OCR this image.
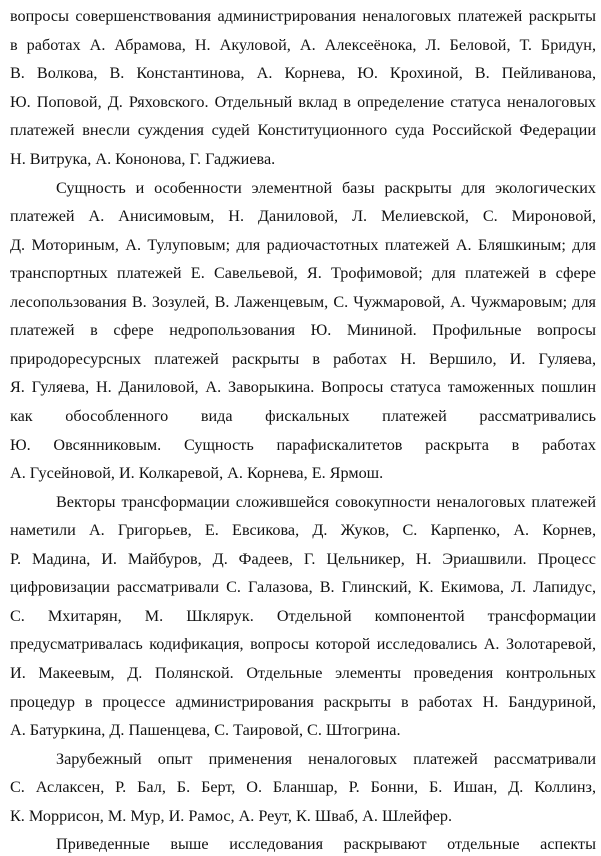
вопросы совершенствования администрирования неналоговых платежей раскрыты
в работах А. Абрамова, Н. Акуловой, А. Алексеёнока, Л. Беловой, Т. Бридун,
В. Волкова, В. Константинова, А. Корнева, Ю. Крохиной, В. Пейливанова,
Ю. Поповой, Д. Ряховского. Отдельный вклад в определение статуса неналоговых
платежей внесли суждения судей Конституционного суда Российской Федерации
Н. Витрука, А. Кононова, Г. Гаджиева.
Сущность и особенности элементной базы раскрыты для экологических
платежей А. Анисимовым, Н. Даниловой, Л. Мелиевской, С. Мироновой,
Д. Моториным, А. Тулуповым; для радиочастотных платежей А. Бляшкиным; для
транспортных платежей Е. Савельевой, Я. Трофимовой; для платежей в сфере
лесопользования В. Зозулей, В. Лаженцевым, С. Чужмаровой, А. Чужмаровым; для
платежей в сфере недропользования Ю. Мининой. Профильные вопросы
природоресурсных платежей раскрыты в работах Н. Вершило, И. Гуляева,
Я. Гуляева, Н. Даниловой, А. Заворыкина. Вопросы статуса таможенных пошлин
как обособленного вида фискальных платежей рассматривались
Ю. Овсянниковым. Сущность парафискалитетов раскрыта в работах
А. Гусейновой, И. Колкаревой, А. Корнева, Е. Ярмош.
Векторы трансформации сложившейся совокупности неналоговых платежей
наметили А. Григорьев, Е. Евсикова, Д. Жуков, С. Карпенко, А. Корнев,
Р. Мадина, И. Майбуров, Д. Фадеев, Г. Цельникер, Н. Эриашвили. Процесс
цифровизации рассматривали С. Галазова, В. Глинский, К. Екимова, Л. Лапидус,
С. Мхитарян, М. Шклярук. Отдельной компонентой трансформации
предусматривалась кодификация, вопросы которой исследовались А. Золотаревой,
И. Макеевым, Д. Полянской. Отдельные элементы проведения контрольных
процедур в процессе администрирования раскрыты в работах Н. Бандуриной,
А. Батуркина, Д. Пашенцева, С. Таировой, С. Штогрина.
Зарубежный опыт применения неналоговых платежей рассматривали
С. Аслаксен, Р. Бал, Б. Берт, О. Бланшар, Р. Бонни, Б. Ишан, Д. Коллинз,
К. Моррисон, М. Мур, И. Рамос, А. Реут, К. Шваб, А. Шлейфер.
Приведенные выше исследования раскрывают отдельные аспекты
